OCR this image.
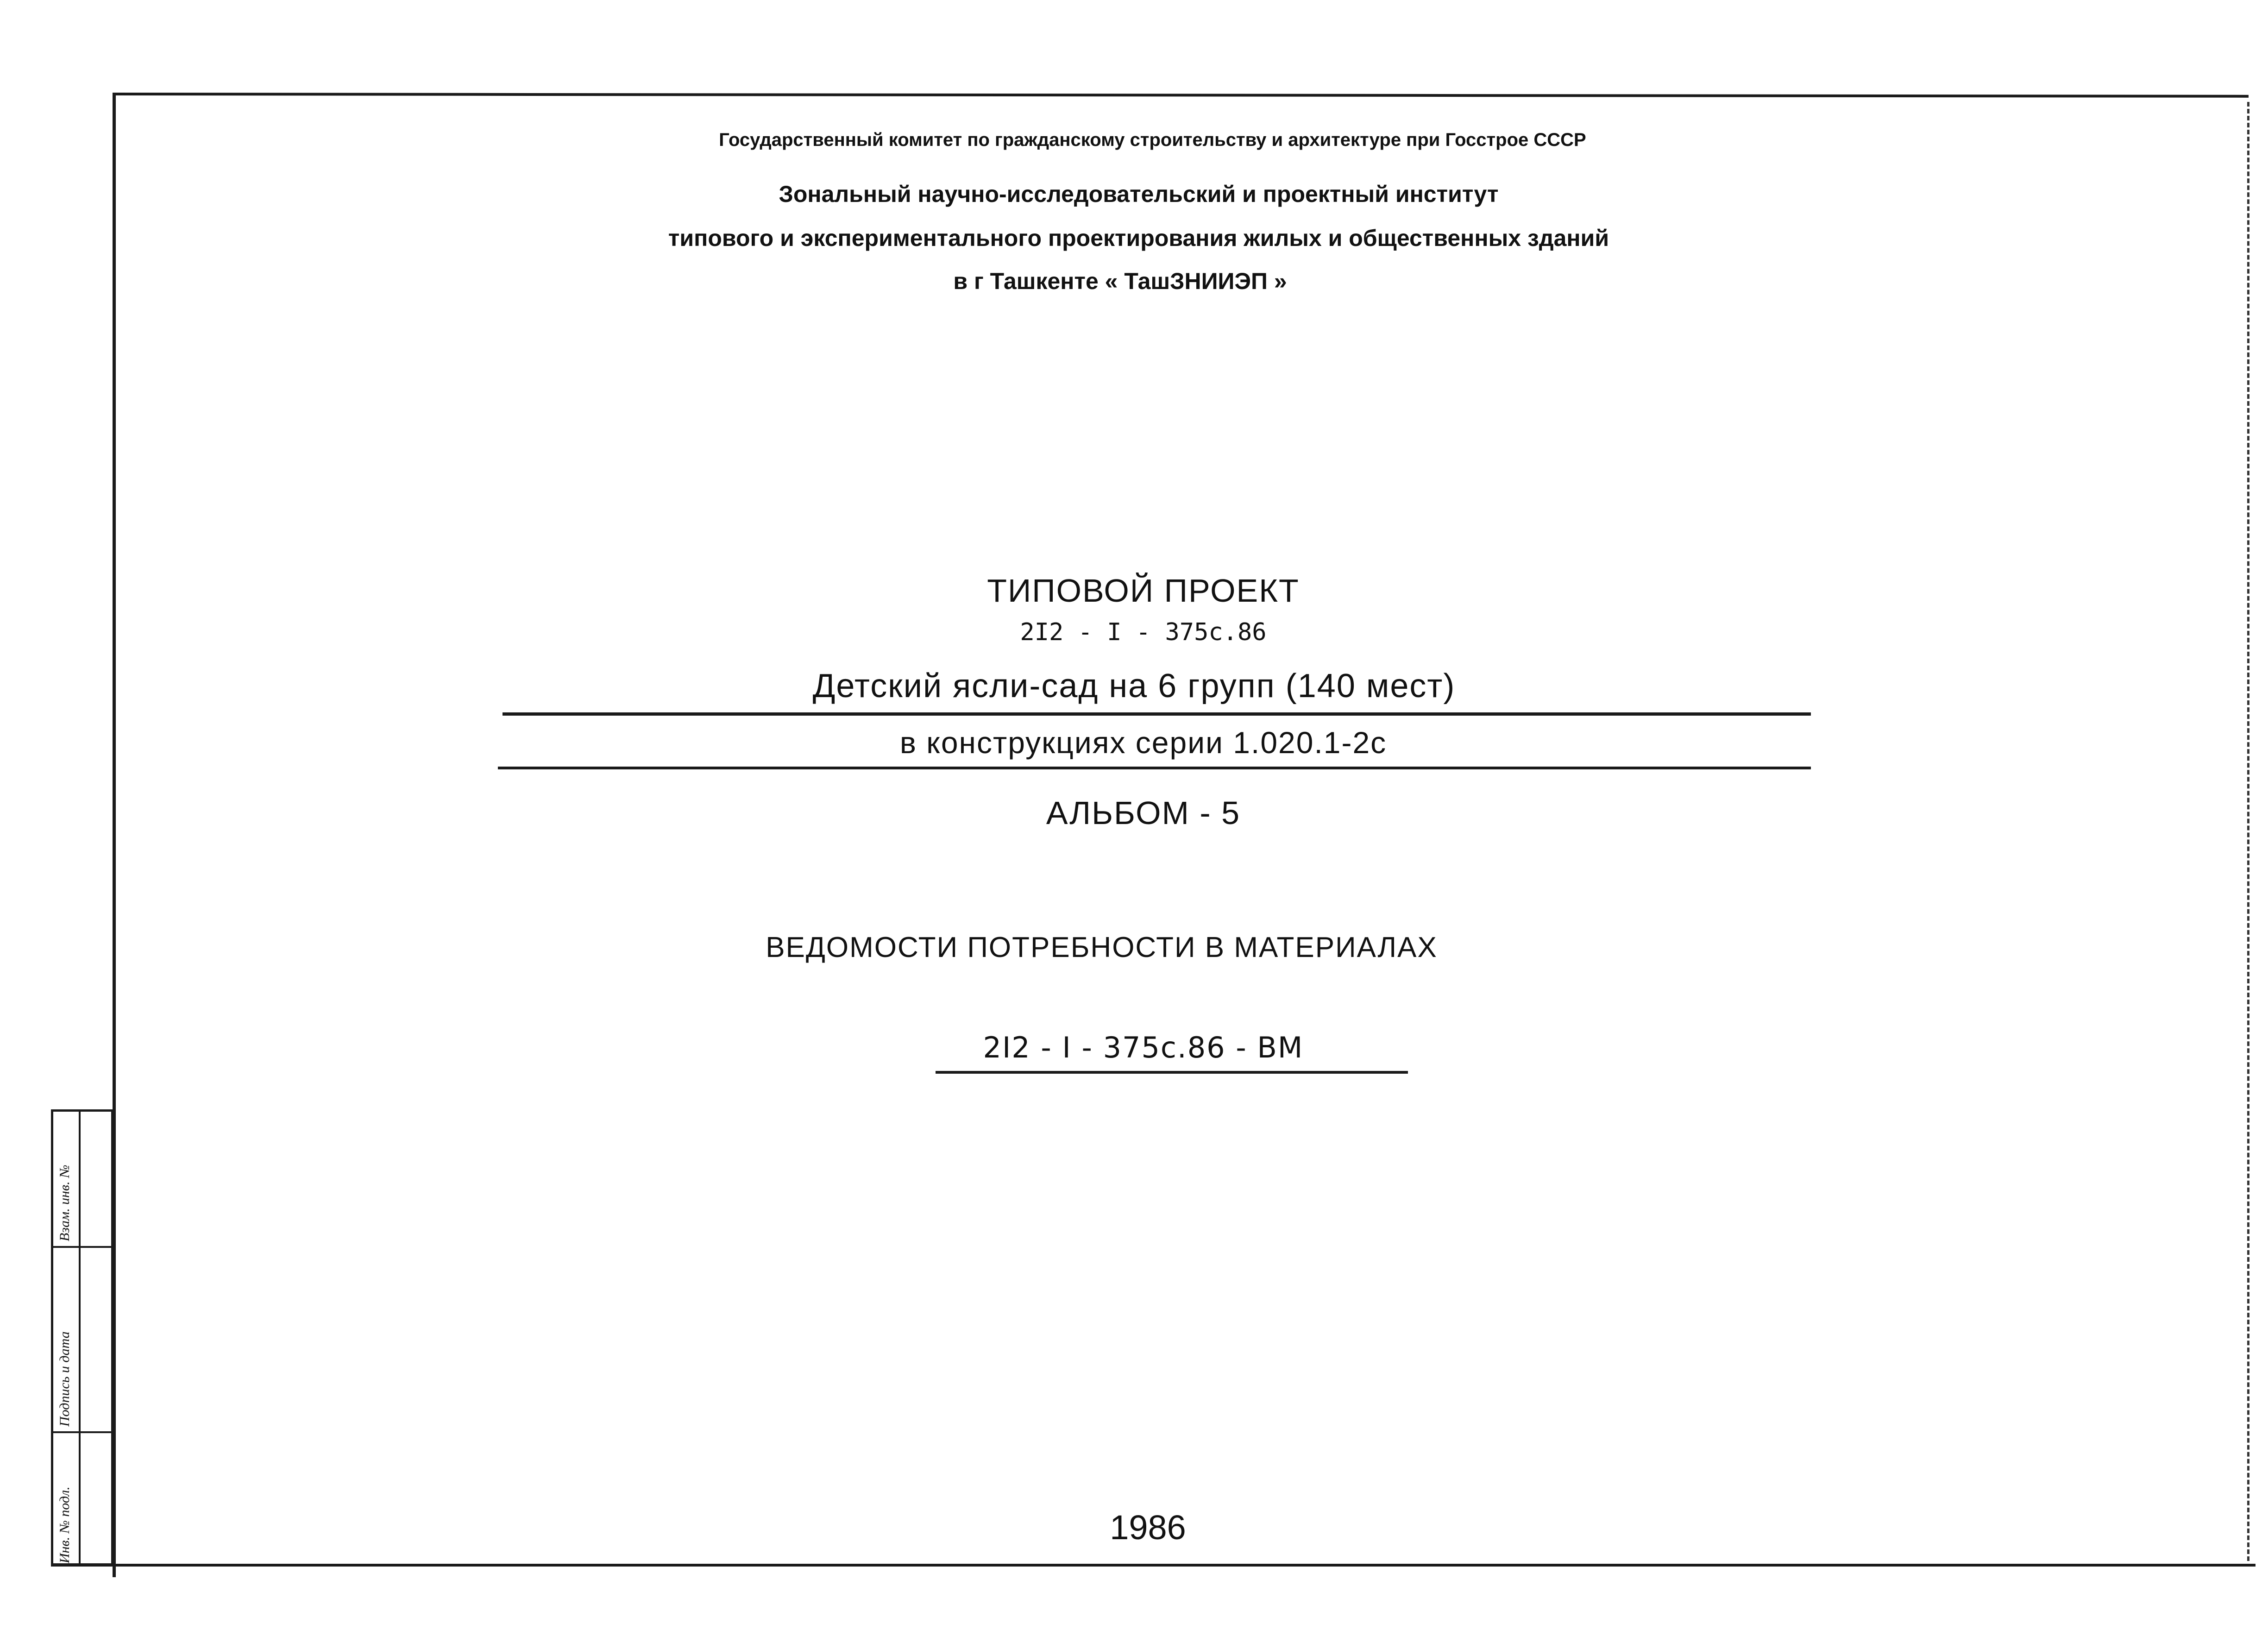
Инв. № подл.
Подпись и дата
Взам. инв. №
Государственный комитет по гражданскому строительству и архитектуре при Госстрое СССР
Зональный научно-исследовательский и проектный институт
типового и экспериментального проектирования жилых и общественных зданий
в г Ташкенте « ТашЗНИИЭП »
ТИПОВОЙ ПРОЕКТ
2I2 - I - 375с.86
Детский ясли-сад на 6 групп (140 мест)
в конструкциях серии 1.020.1-2с
АЛЬБОМ - 5
ВЕДОМОСТИ ПОТРЕБНОСТИ В МАТЕРИАЛАХ
2I2 - I - 375с.86 - ВМ
1986
